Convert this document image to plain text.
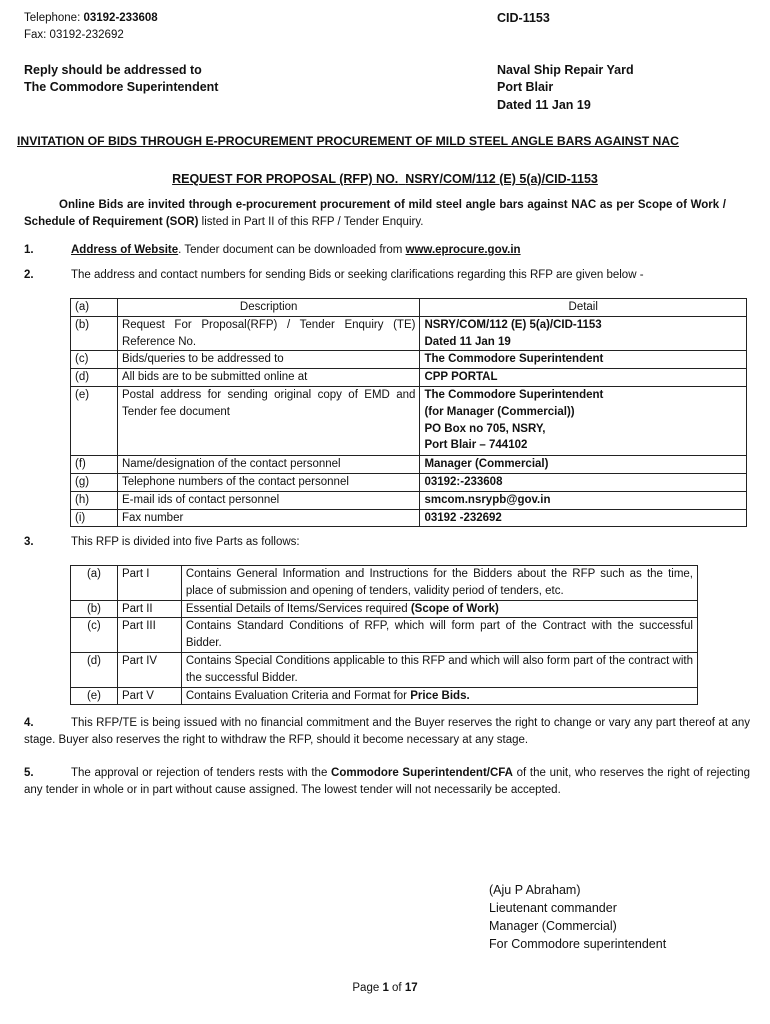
Telephone: 03192-233608
Fax: 03192-232692
CID-1153
Reply should be addressed to
The Commodore Superintendent
Naval Ship Repair Yard
Port Blair
Dated 11 Jan 19
INVITATION OF BIDS THROUGH E-PROCUREMENT PROCUREMENT OF MILD STEEL ANGLE BARS AGAINST NAC
REQUEST FOR PROPOSAL (RFP) NO. NSRY/COM/112 (E) 5(a)/CID-1153
Online Bids are invited through e-procurement procurement of mild steel angle bars against NAC as per Scope of Work / Schedule of Requirement (SOR) listed in Part II of this RFP / Tender Enquiry.
1.	Address of Website. Tender document can be downloaded from www.eprocure.gov.in
2.	The address and contact numbers for sending Bids or seeking clarifications regarding this RFP are given below -
(a)	Description	Detail
(b)	Request For Proposal(RFP) / Tender Enquiry (TE) Reference No.	NSRY/COM/112 (E) 5(a)/CID-1153
Dated 11 Jan 19

(c)	Bids/queries to be addressed to	The Commodore Superintendent
(d)	All bids are to be submitted online at	CPP PORTAL
(e)	Postal address for sending original copy of EMD and Tender fee document	The Commodore Superintendent
(for Manager (Commercial))
PO Box no 705, NSRY,
Port Blair – 744102

(f)	Name/designation of the contact personnel	Manager (Commercial)
(g)	Telephone numbers of the contact personnel	03192:-233608
(h)	E-mail ids of contact personnel	smcom.nsrypb@gov.in
(i)	Fax number	03192 -232692
3.	This RFP is divided into five Parts as follows:
(a)	Part I	Contains General Information and Instructions for the Bidders about the RFP such as the time, place of submission and opening of tenders, validity period of tenders, etc.
(b)	Part II	Essential Details of Items/Services required (Scope of Work)
(c)	Part III	Contains Standard Conditions of RFP, which will form part of the Contract with the successful Bidder.
(d)	Part IV	Contains Special Conditions applicable to this RFP and which will also form part of the contract with the successful Bidder.
(e)	Part V	Contains Evaluation Criteria and Format for Price Bids.
4.	This RFP/TE is being issued with no financial commitment and the Buyer reserves the right to change or vary any part thereof at any stage. Buyer also reserves the right to withdraw the RFP, should it become necessary at any stage.
5.	The approval or rejection of tenders rests with the Commodore Superintendent/CFA of the unit, who reserves the right of rejecting any tender in whole or in part without cause assigned. The lowest tender will not necessarily be accepted.
(Aju P Abraham)
Lieutenant commander
Manager (Commercial)
For Commodore superintendent
Page 1 of 17
